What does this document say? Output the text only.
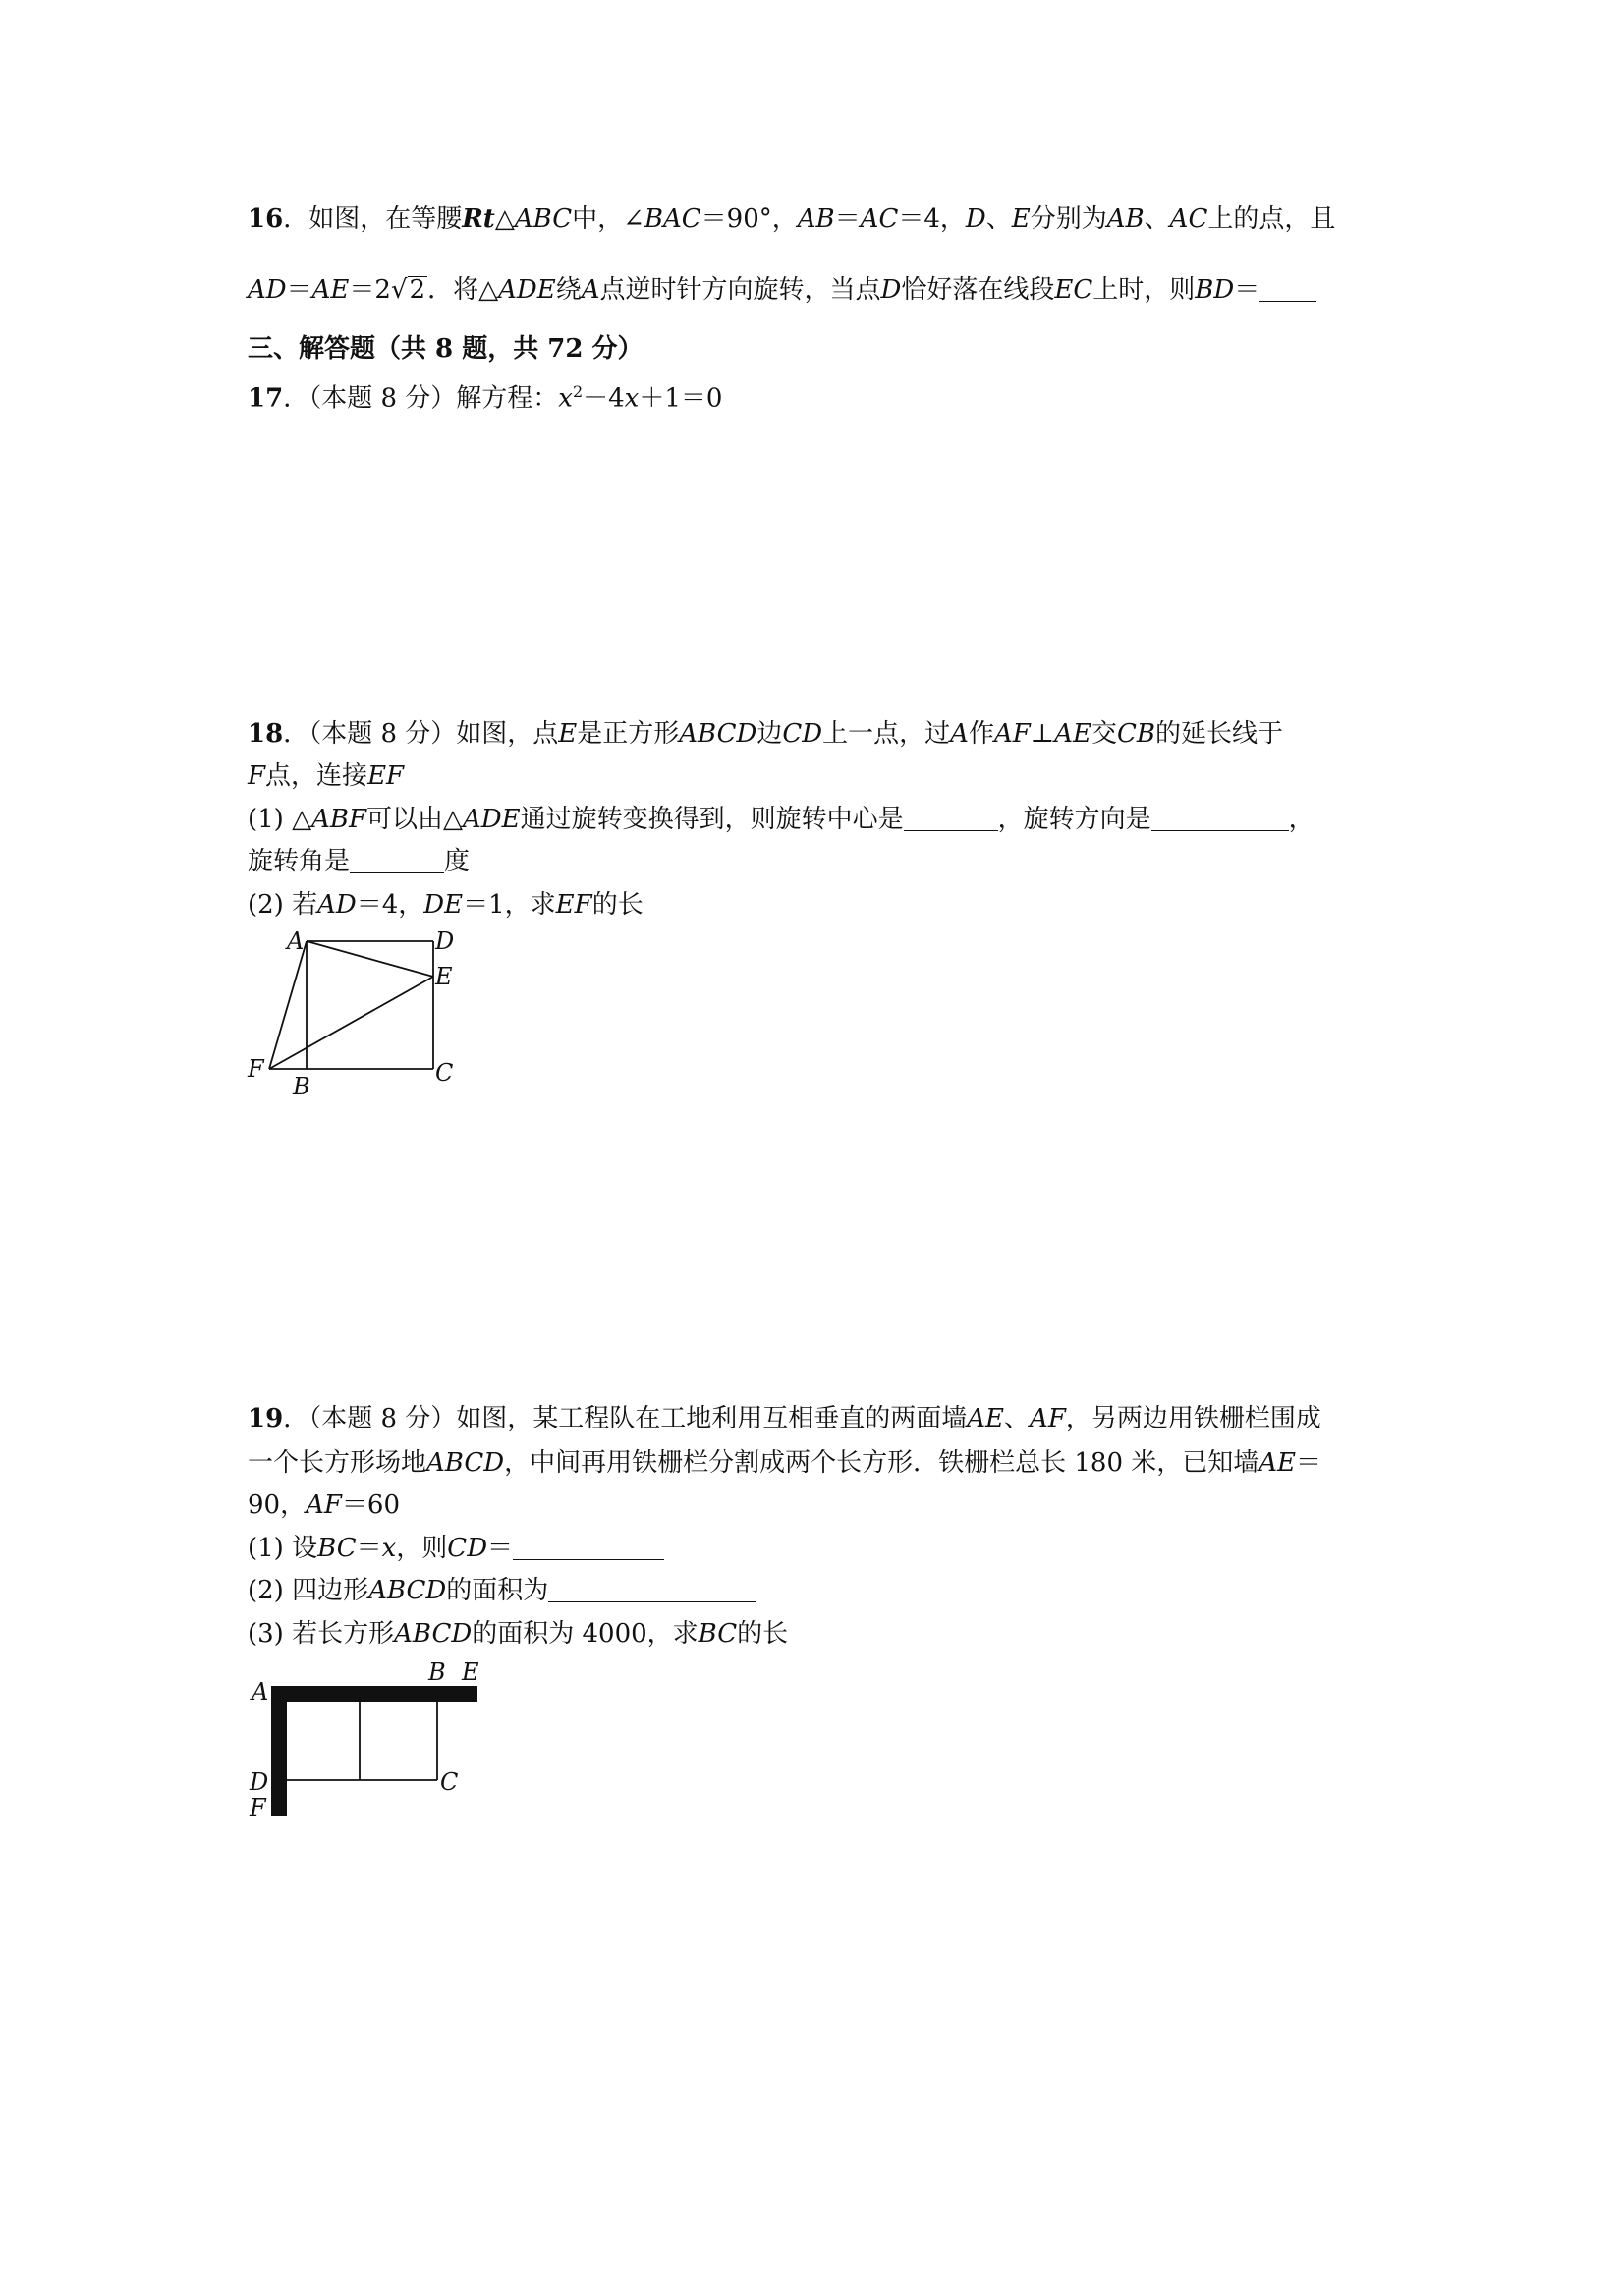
16．如图，在等腰Rt△ABC中，∠BAC＝90°，AB＝AC＝4，D、E分别为AB、AC上的点，且
AD＝AE＝2√2．将△ADE绕A点逆时针方向旋转，当点D恰好落在线段EC上时，则BD＝
三、解答题（共 8 题，共 72 分）
17．（本题 8 分）解方程：$x^2-4x+1=0$
18．（本题 8 分）如图，点E是正方形ABCD边CD上一点，过A作AF⊥AE交CB的延长线于
F点，连接EF
(1) △ABF可以由△ADE通过旋转变换得到，则旋转中心是	，旋转方向是	，
旋转角是	度
(2) 若AD＝4，DE＝1，求EF的长
A	D
E
F
B	C
19．（本题 8 分）如图，某工程队在工地利用互相垂直的两面墙AE、AF，另两边用铁栅栏围成
一个长方形场地ABCD，中间再用铁栅栏分割成两个长方形．铁栅栏总长 180 米，已知墙AE＝
90，AF＝60
(1) 设BC＝x，则CD＝
(2) 四边形ABCD的面积为
(3) 若长方形ABCD的面积为 4000，求BC的长
A
B E
D
F
C
